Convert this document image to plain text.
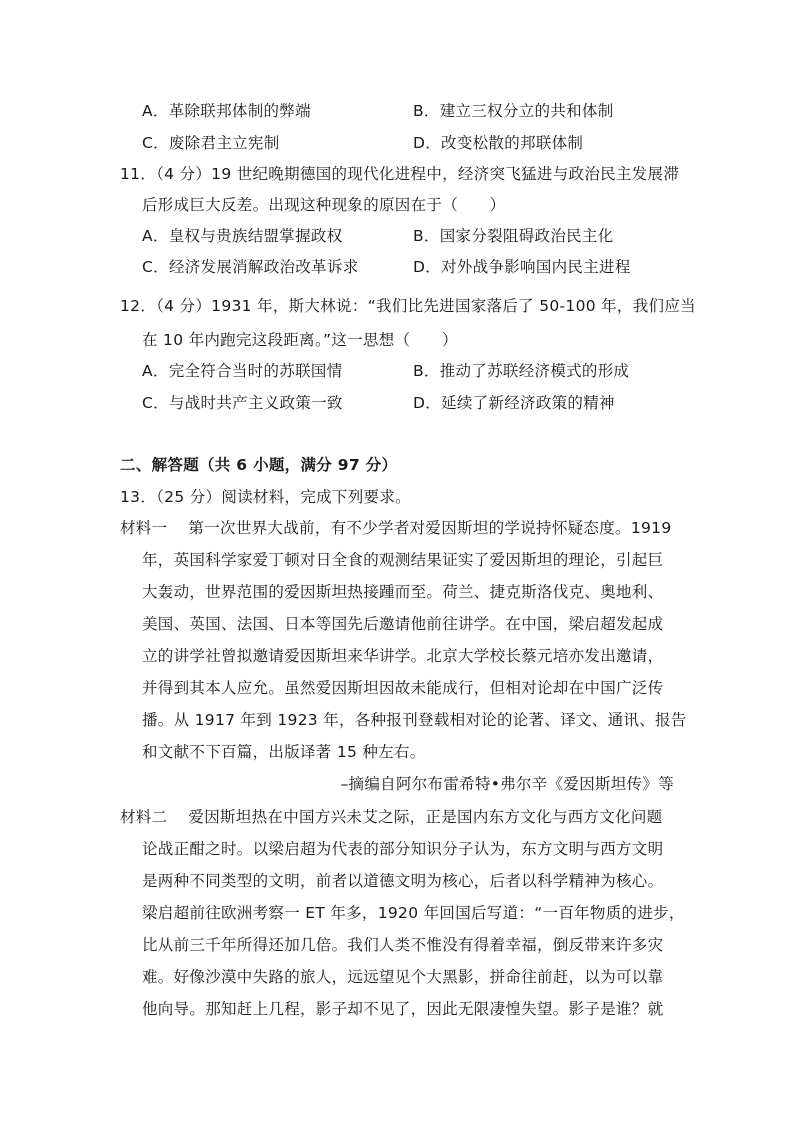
A．革除联邦体制的弊端	B．建立三权分立的共和体制
C．废除君主立宪制	D．改变松散的邦联体制
11．（4 分）19 世纪晚期德国的现代化进程中，经济突飞猛进与政治民主发展滞
后形成巨大反差。出现这种现象的原因在于（　　）
A．皇权与贵族结盟掌握政权	B．国家分裂阻碍政治民主化
C．经济发展消解政治改革诉求	D．对外战争影响国内民主进程
12．（4 分）1931 年，斯大林说：“我们比先进国家落后了 50-100 年，我们应当
在 10 年内跑完这段距离。”这一思想（　　）
A．完全符合当时的苏联国情	B．推动了苏联经济模式的形成
C．与战时共产主义政策一致	D．延续了新经济政策的精神
二、解答题（共 6 小题，满分 97 分）
13．（25 分）阅读材料，完成下列要求。
材料一　 第一次世界大战前，有不少学者对爱因斯坦的学说持怀疑态度。1919
年，英国科学家爱丁顿对日全食的观测结果证实了爱因斯坦的理论，引起巨
大轰动，世界范围的爱因斯坦热接踵而至。荷兰、捷克斯洛伐克、奥地利、
美国、英国、法国、日本等国先后邀请他前往讲学。在中国，梁启超发起成
立的讲学社曾拟邀请爱因斯坦来华讲学。北京大学校长蔡元培亦发出邀请，
并得到其本人应允。虽然爱因斯坦因故未能成行，但相对论却在中国广泛传
播。从 1917 年到 1923 年，各种报刊登载相对论的论著、译文、通讯、报告
和文献不下百篇，出版译著 15 种左右。
–摘编自阿尔布雷希特•弗尔辛《爱因斯坦传》等
材料二　 爱因斯坦热在中国方兴未艾之际，正是国内东方文化与西方文化问题
论战正酣之时。以梁启超为代表的部分知识分子认为，东方文明与西方文明
是两种不同类型的文明，前者以道德文明为核心，后者以科学精神为核心。
梁启超前往欧洲考察一 ET 年多，1920 年回国后写道：“一百年物质的进步，
比从前三千年所得还加几倍。我们人类不惟没有得着幸福，倒反带来许多灾
难。好像沙漠中失路的旅人，远远望见个大黑影，拼命往前赶，以为可以靠
他向导。那知赶上几程，影子却不见了，因此无限凄惶失望。影子是谁？就
